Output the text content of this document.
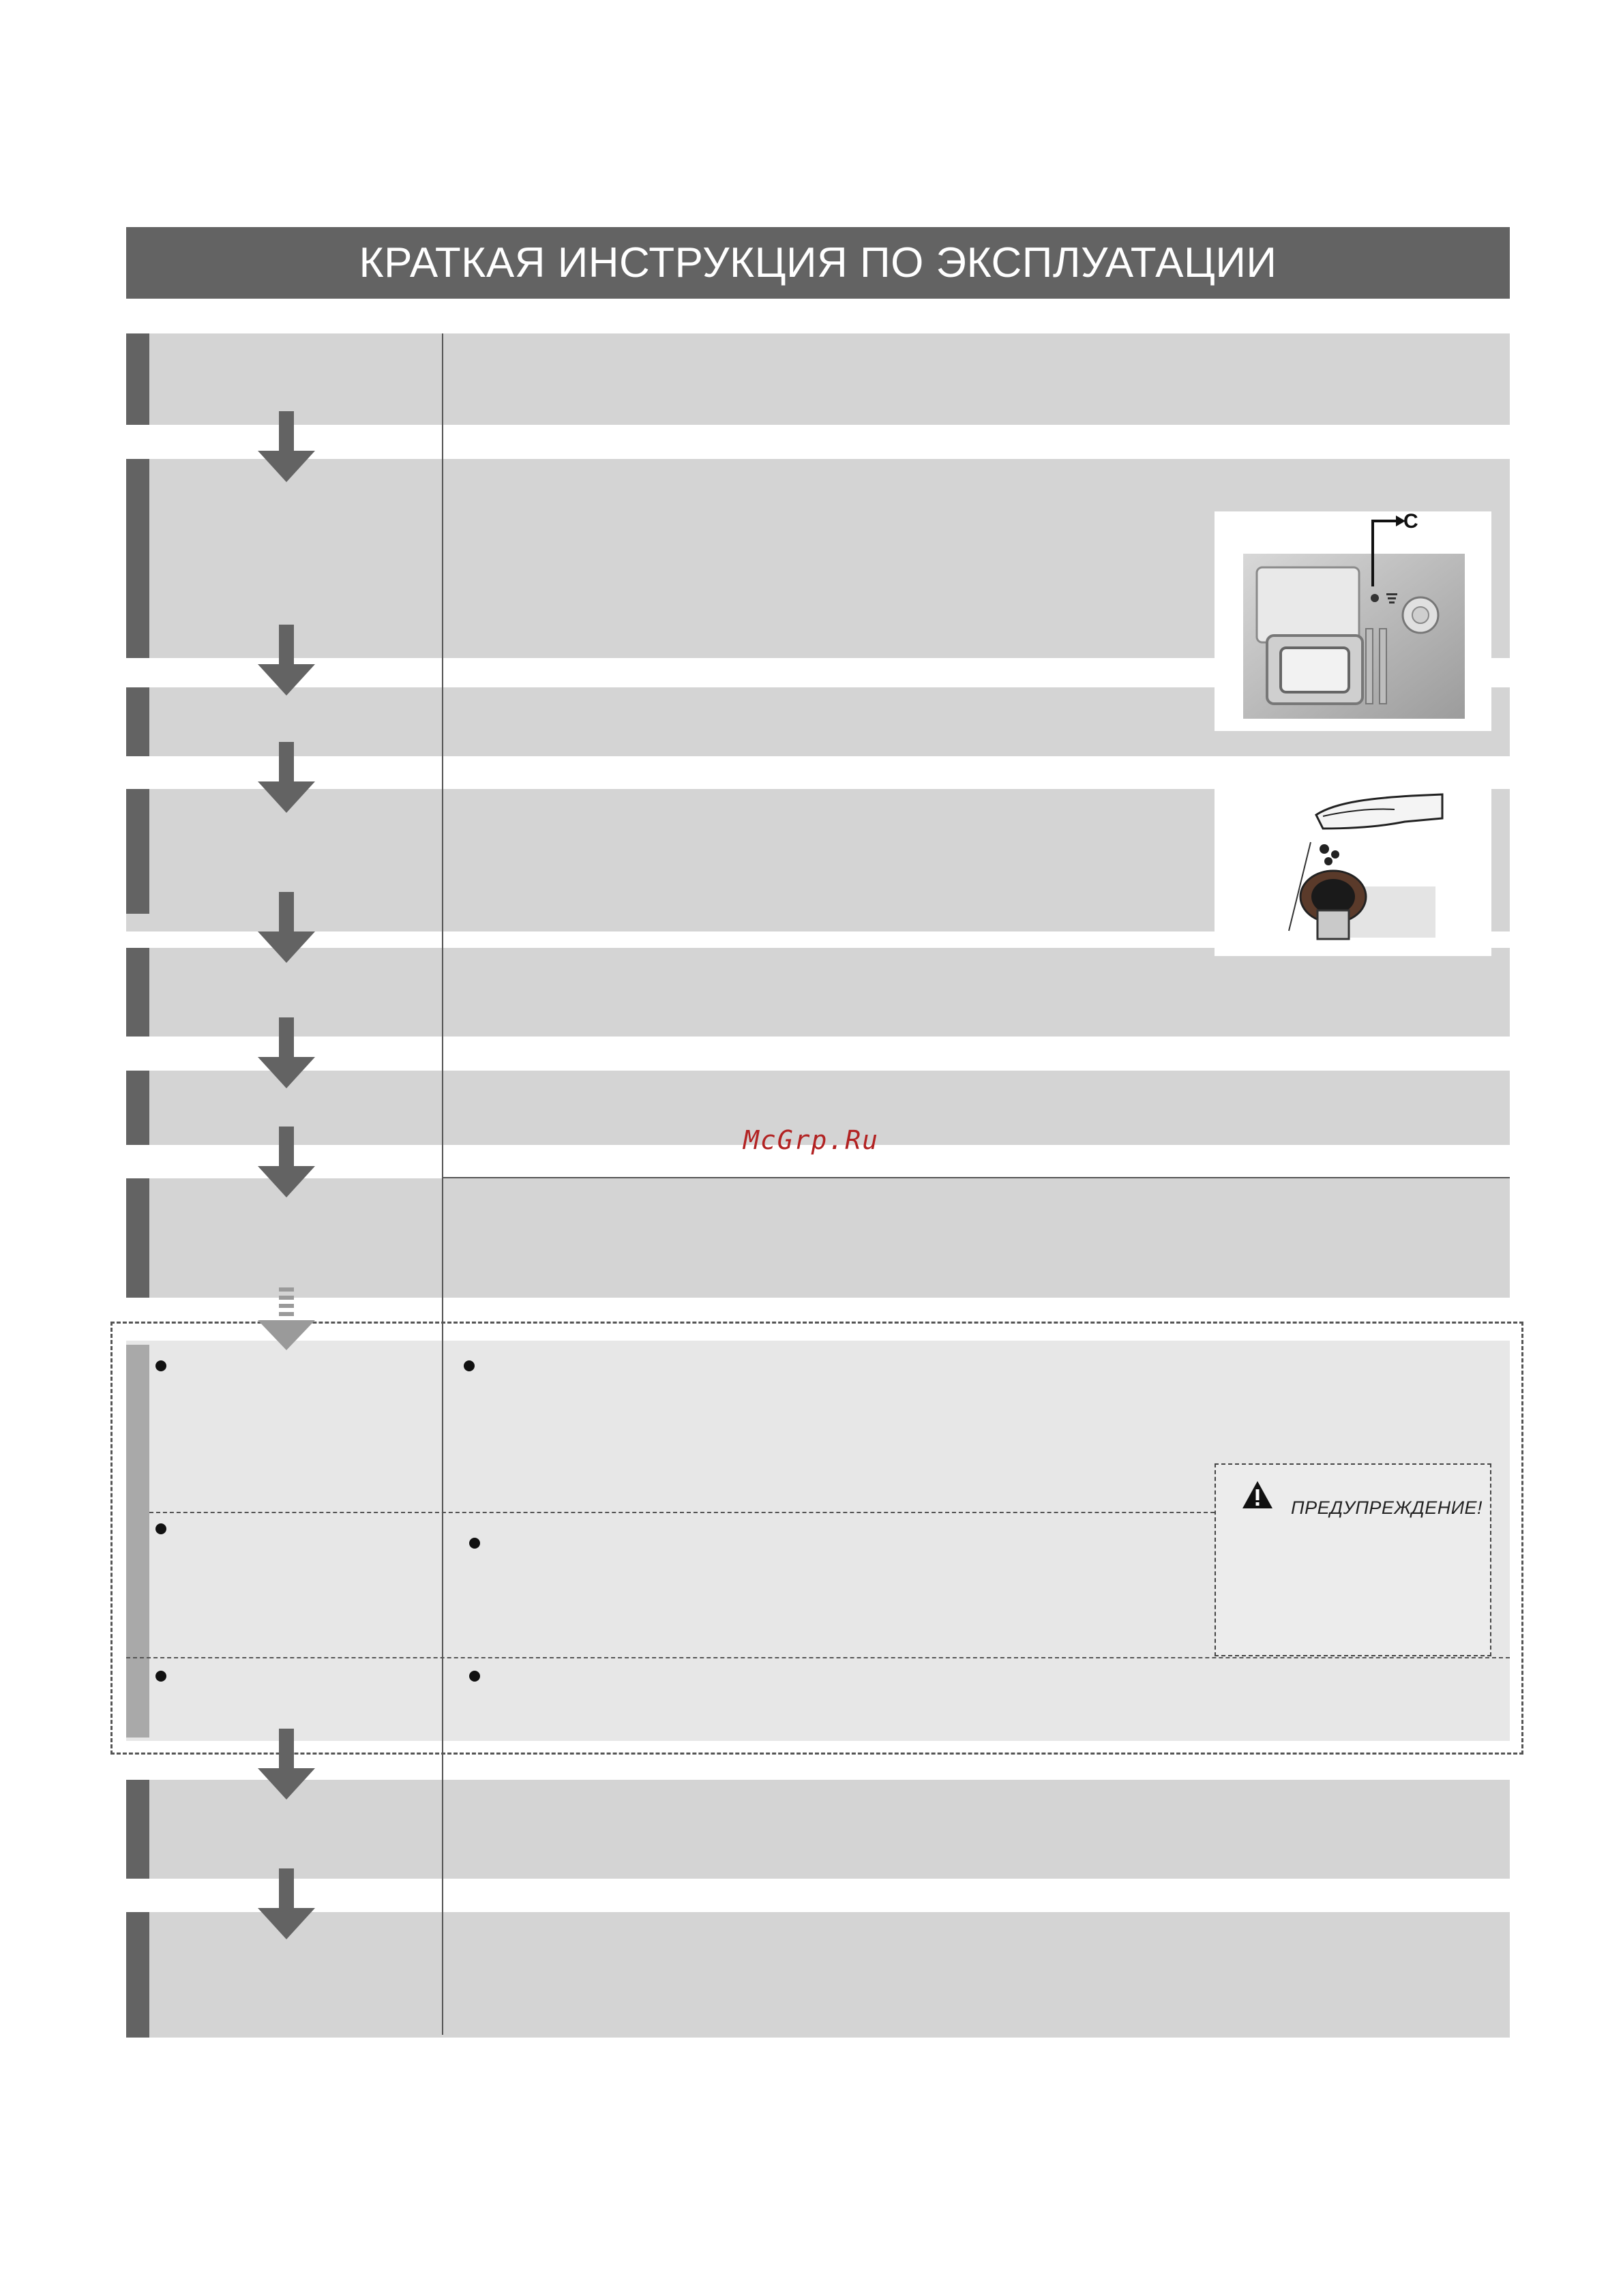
КРАТКАЯ ИНСТРУКЦИЯ ПО ЭКСПЛУАТАЦИИ
ПРЕДУПРЕЖДЕНИЕ!
C
McGrp.Ru
